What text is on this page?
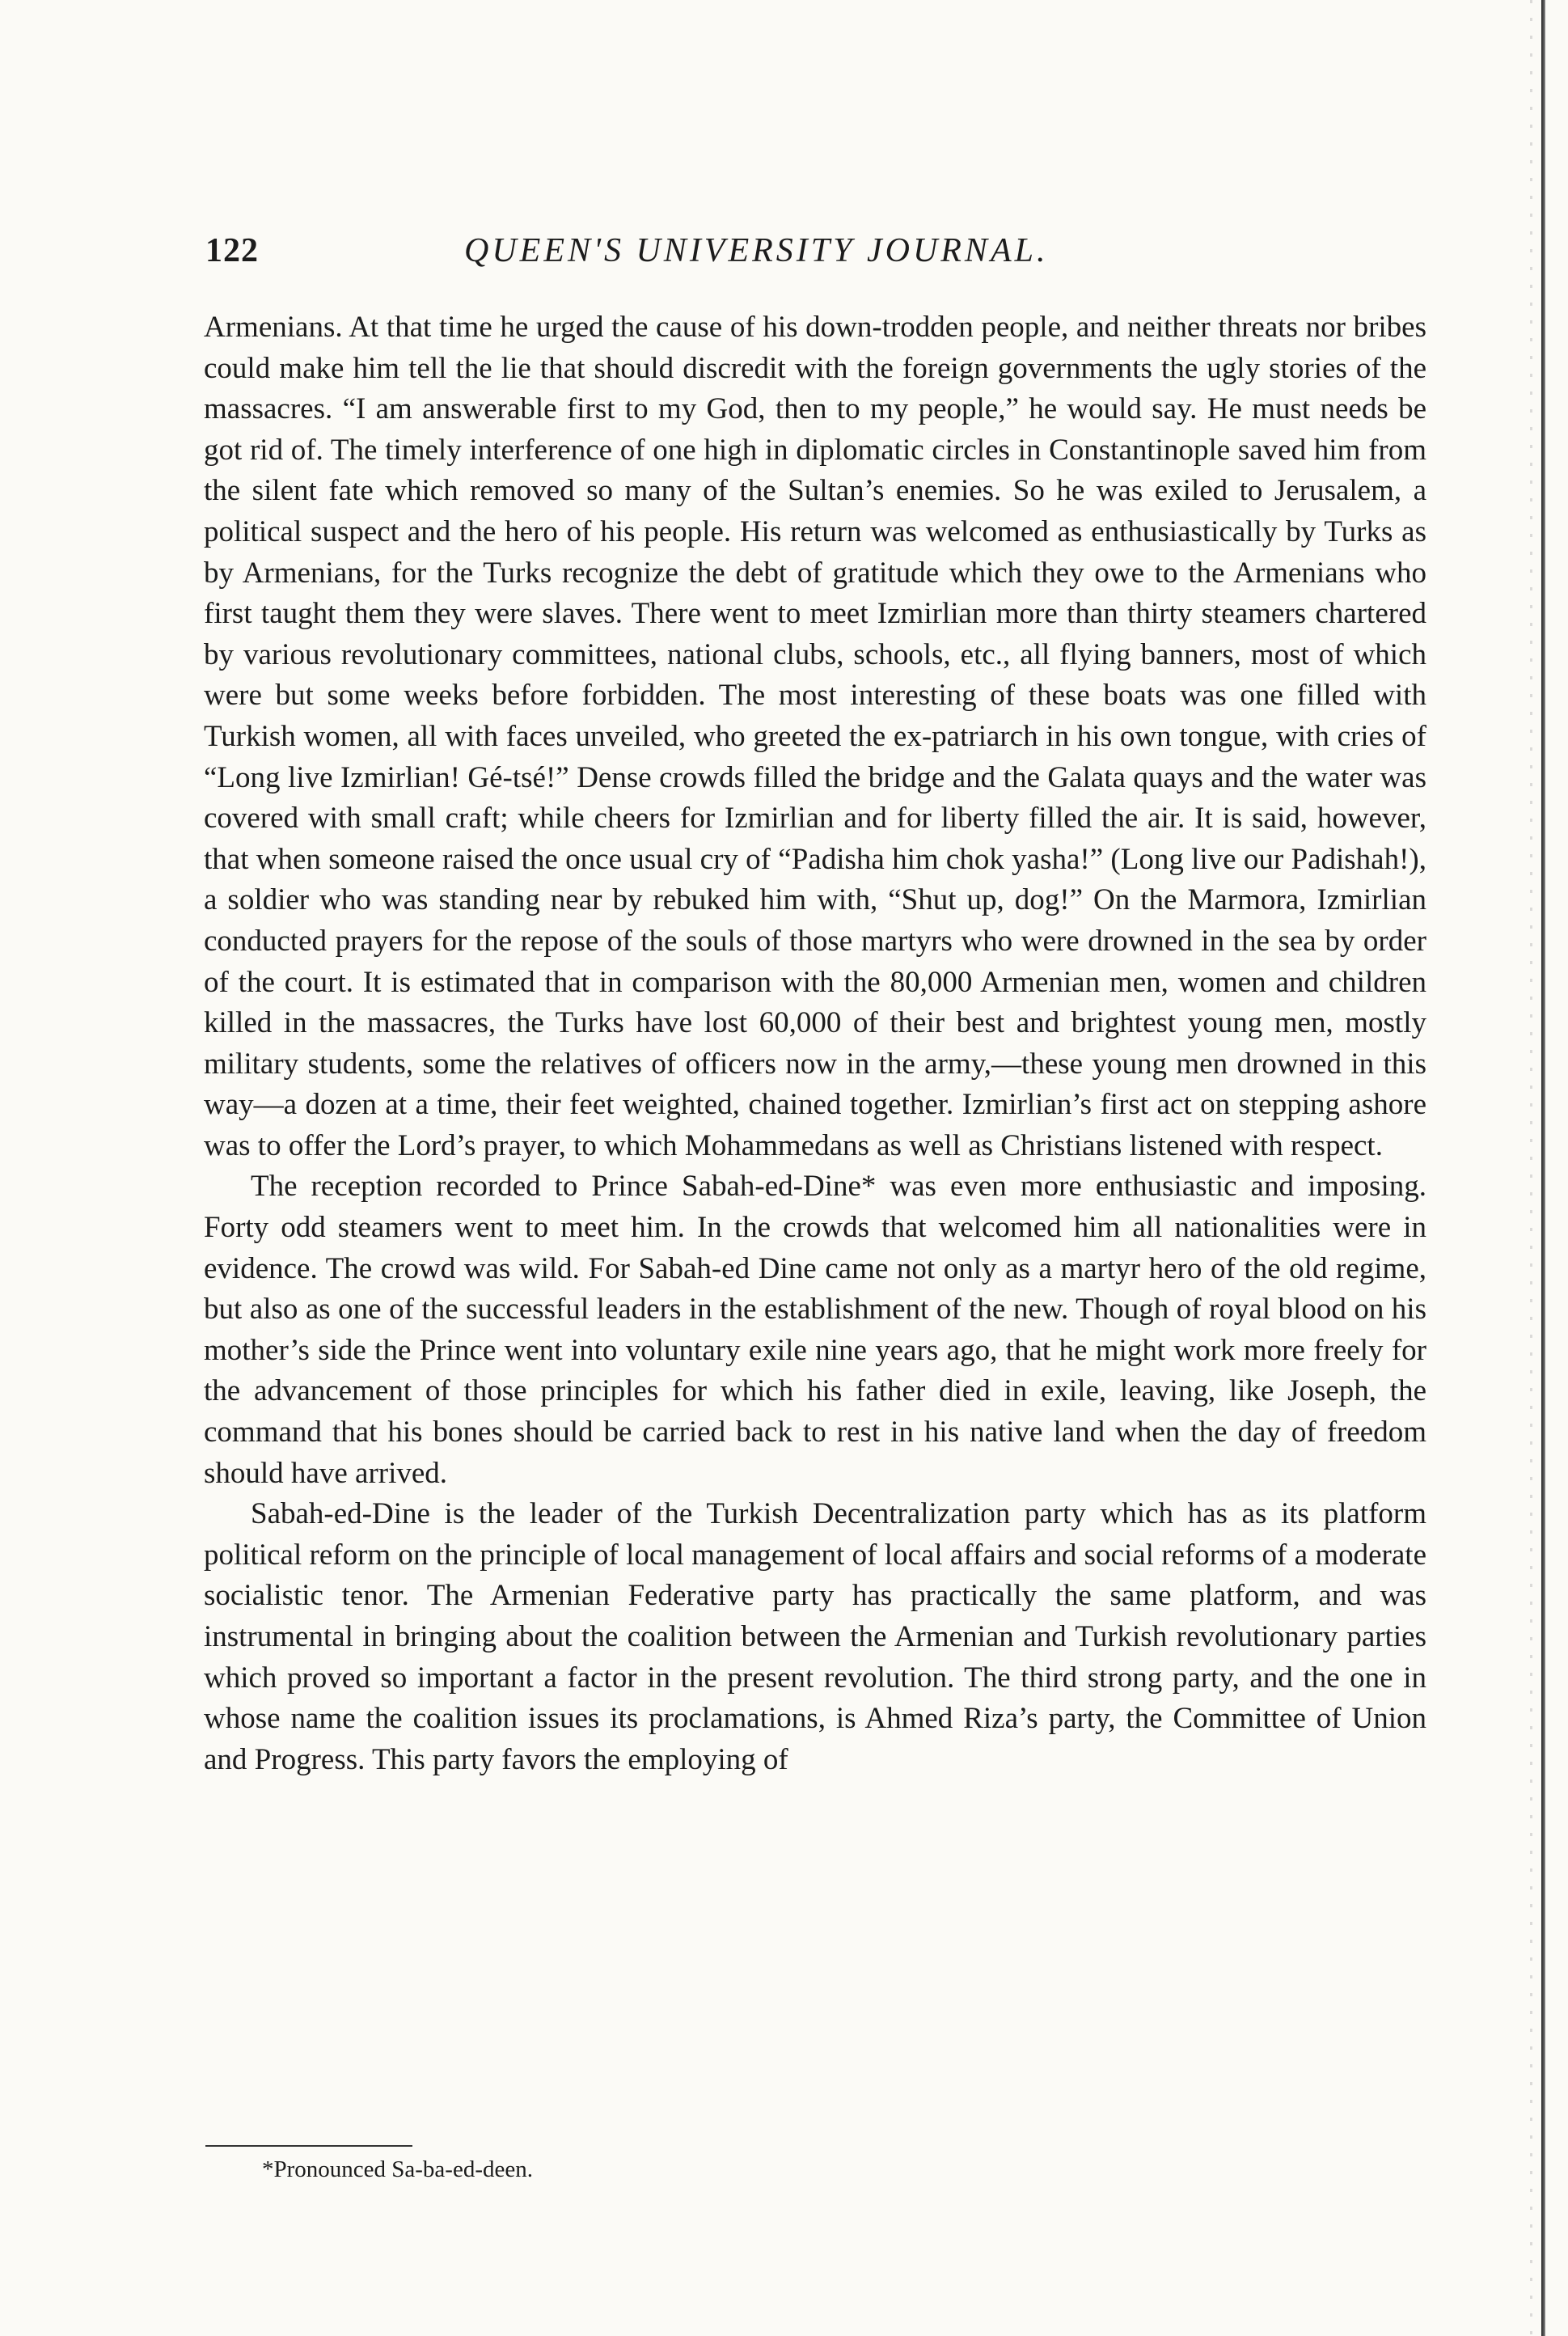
122	QUEEN'S UNIVERSITY JOURNAL.

Armenians. At that time he urged the cause of his down-trodden people, and neither threats nor bribes could make him tell the lie that should discredit with the foreign governments the ugly stories of the massacres. “I am answerable first to my God, then to my people,” he would say. He must needs be got rid of. The timely interference of one high in diplomatic circles in Constantinople saved him from the silent fate which removed so many of the Sultan’s enemies. So he was exiled to Jerusalem, a political suspect and the hero of his people. His return was welcomed as enthusiastically by Turks as by Armenians, for the Turks recognize the debt of gratitude which they owe to the Armenians who first taught them they were slaves. There went to meet Izmirlian more than thirty steamers chartered by various revolutionary committees, national clubs, schools, etc., all flying banners, most of which were but some weeks before forbidden. The most interesting of these boats was one filled with Turkish women, all with faces unveiled, who greeted the ex-patriarch in his own tongue, with cries of “Long live Izmirlian! Gé-tsé!” Dense crowds filled the bridge and the Galata quays and the water was covered with small craft; while cheers for Izmirlian and for liberty filled the air. It is said, however, that when someone raised the once usual cry of “Padisha him chok yasha!” (Long live our Padishah!), a soldier who was standing near by rebuked him with, “Shut up, dog!” On the Marmora, Izmirlian conducted prayers for the repose of the souls of those martyrs who were drowned in the sea by order of the court. It is estimated that in comparison with the 80,000 Armenian men, women and children killed in the massacres, the Turks have lost 60,000 of their best and brightest young men, mostly military students, some the relatives of officers now in the army,—these young men drowned in this way—a dozen at a time, their feet weighted, chained together. Izmirlian’s first act on stepping ashore was to offer the Lord’s prayer, to which Mohammedans as well as Christians listened with respect.

The reception recorded to Prince Sabah-ed-Dine* was even more enthusiastic and imposing. Forty odd steamers went to meet him. In the crowds that welcomed him all nationalities were in evidence. The crowd was wild. For Sabah-ed Dine came not only as a martyr hero of the old regime, but also as one of the successful leaders in the establishment of the new. Though of royal blood on his mother’s side the Prince went into voluntary exile nine years ago, that he might work more freely for the advancement of those principles for which his father died in exile, leaving, like Joseph, the command that his bones should be carried back to rest in his native land when the day of freedom should have arrived.

Sabah-ed-Dine is the leader of the Turkish Decentralization party which has as its platform political reform on the principle of local management of local affairs and social reforms of a moderate socialistic tenor. The Armenian Federative party has practically the same platform, and was instrumental in bringing about the coalition between the Armenian and Turkish revolutionary parties which proved so important a factor in the present revolution. The third strong party, and the one in whose name the coalition issues its proclamations, is Ahmed Riza’s party, the Committee of Union and Progress. This party favors the employing of

*Pronounced Sa-ba-ed-deen.
